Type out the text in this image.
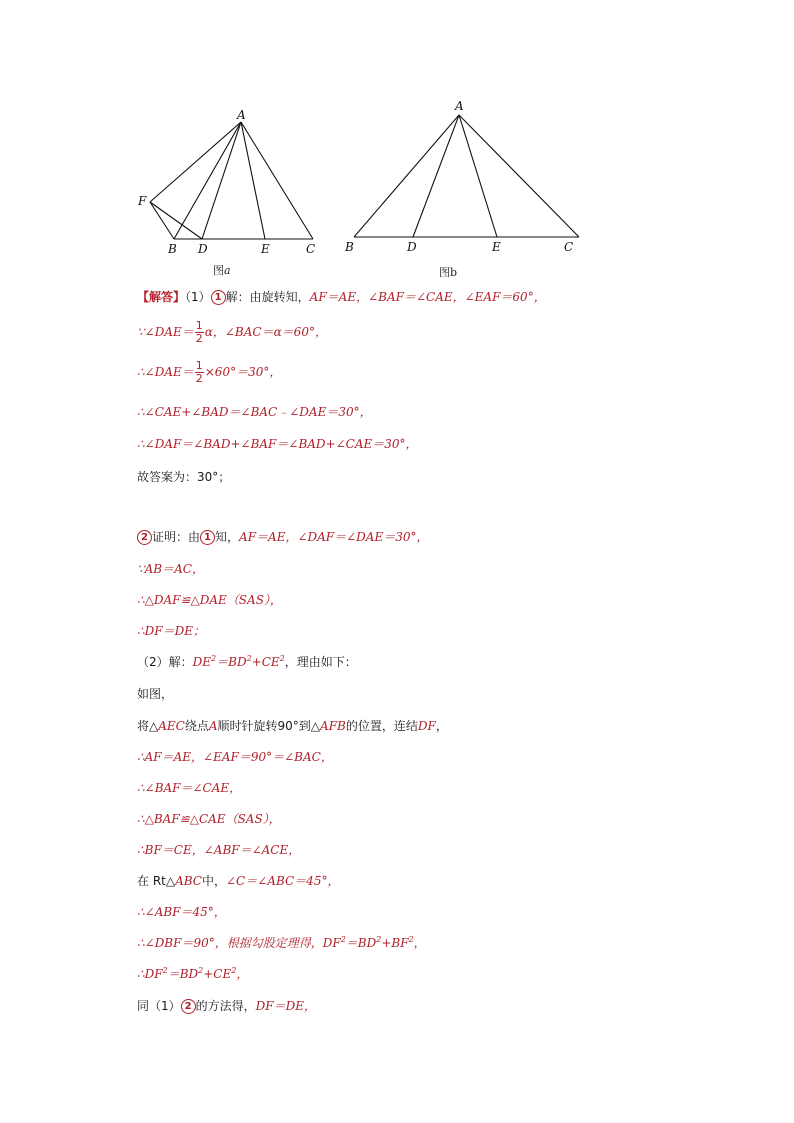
A
F
B D	E	C
图a
A
B	D	E	C
图b
【解答】（1） 1 解：由旋转知，AF＝AE，∠BAF＝∠CAE，∠EAF＝60°，
∵∠DAE＝ $\frac{1}{2}$ α，∠BAC＝α＝60°，
∴∠DAE＝ $\frac{1}{2} \times 60^\circ=30^\circ$，
∴∠CAE+∠BAD＝∠BAC﹣∠DAE＝30°，
∴∠DAF＝∠BAD+∠BAF＝∠BAD+∠CAE＝30°，
故答案为：30°；
2 证明：由 1 知，AF＝AE，∠DAF＝∠DAE＝30°，
∵AB＝AC，
∴△DAF≌△DAE（SAS），
∴DF＝DE；
（2）解：$DE^2=BD^2+CE^2$，理由如下：
如图，
将△AEC绕点A顺时针旋转90°到△AFB的位置，连结DF，
∴AF＝AE，∠EAF＝90°＝∠BAC，
∴∠BAF＝∠CAE，
∴△BAF≌△CAE（SAS），
∴BF＝CE，∠ABF＝∠ACE，
在 Rt△ABC中，∠C＝∠ABC＝45°，
∴∠ABF＝45°，
∴∠DBF＝90°，根据勾股定理得，$DF^2=BD^2+BF^2$，
$\therefore DF^2=BD^2+CE^2$，
同（1） 2 的方法得，DF＝DE，
